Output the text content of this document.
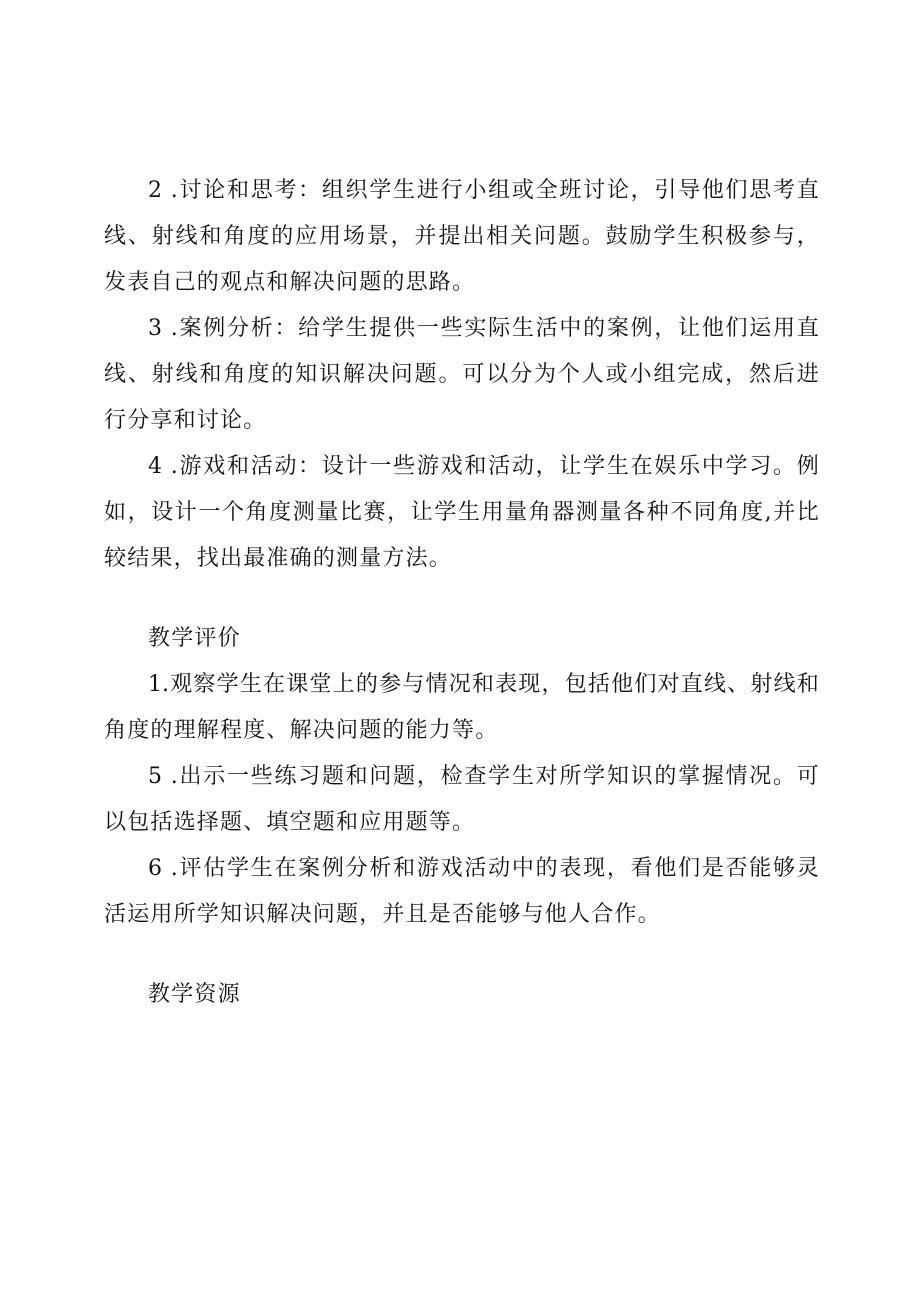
2 .讨论和思考：组织学生进行小组或全班讨论，引导他们思考直线、射线和角度的应用场景，并提出相关问题。鼓励学生积极参与，发表自己的观点和解决问题的思路。

3 .案例分析：给学生提供一些实际生活中的案例，让他们运用直线、射线和角度的知识解决问题。可以分为个人或小组完成，然后进行分享和讨论。

4 .游戏和活动：设计一些游戏和活动，让学生在娱乐中学习。例如，设计一个角度测量比赛，让学生用量角器测量各种不同角度,并比较结果，找出最准确的测量方法。

教学评价

1.观察学生在课堂上的参与情况和表现，包括他们对直线、射线和角度的理解程度、解决问题的能力等。

5 .出示一些练习题和问题，检查学生对所学知识的掌握情况。可以包括选择题、填空题和应用题等。

6 .评估学生在案例分析和游戏活动中的表现，看他们是否能够灵活运用所学知识解决问题，并且是否能够与他人合作。

教学资源
